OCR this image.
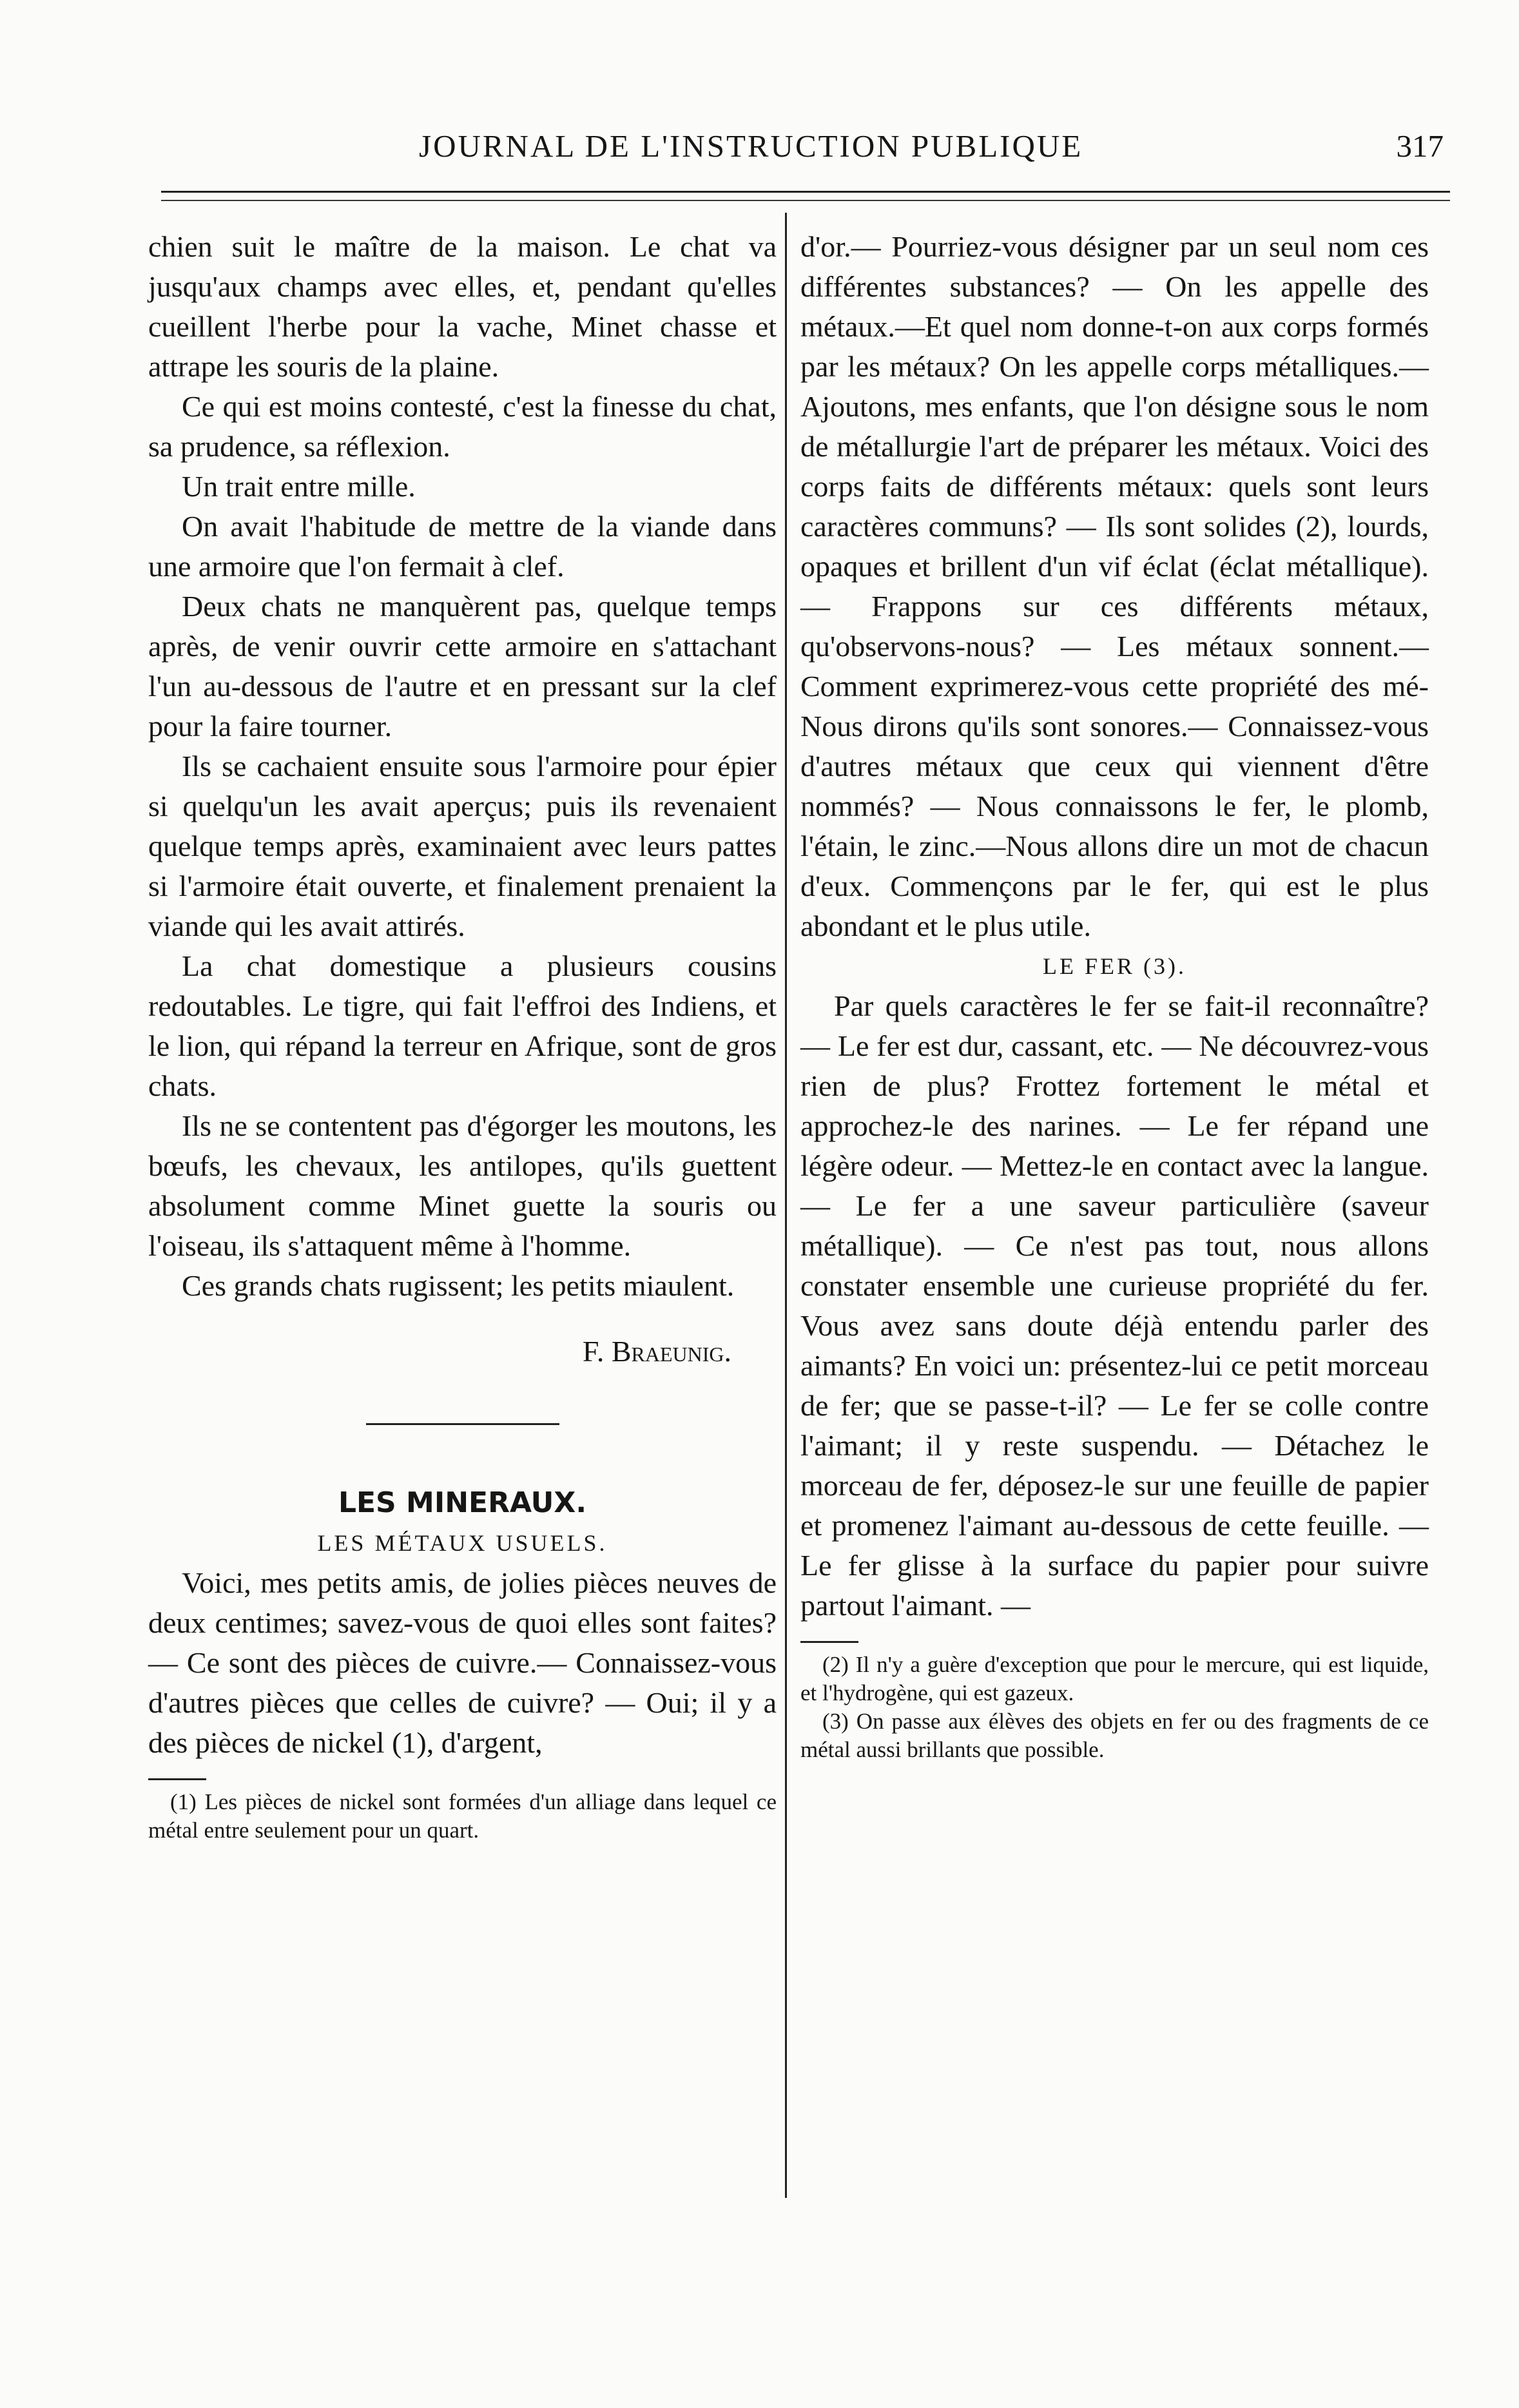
JOURNAL DE L'INSTRUCTION PUBLIQUE	317

chien suit le maître de la maison. Le chat va jusqu'aux champs avec elles, et, pendant qu'elles cueillent l'herbe pour la vache, Minet chasse et attrape les souris de la plaine.

Ce qui est moins contesté, c'est la finesse du chat, sa prudence, sa réflexion.

Un trait entre mille.

On avait l'habitude de mettre de la viande dans une armoire que l'on fermait à clef.

Deux chats ne manquèrent pas, quelque temps après, de venir ouvrir cette armoire en s'attachant l'un au-dessous de l'autre et en pressant sur la clef pour la faire tourner.

Ils se cachaient ensuite sous l'armoire pour épier si quelqu'un les avait aperçus; puis ils revenaient quelque temps après, examinaient avec leurs pattes si l'armoire était ouverte, et finalement prenaient la viande qui les avait attirés.

La chat domestique a plusieurs cousins redoutables. Le tigre, qui fait l'effroi des Indiens, et le lion, qui répand la terreur en Afrique, sont de gros chats.

Ils ne se contentent pas d'égorger les moutons, les bœufs, les chevaux, les antilopes, qu'ils guettent absolument comme Minet guette la souris ou l'oiseau, ils s'attaquent même à l'homme.

Ces grands chats rugissent; les petits miaulent.

F. Braeunig.

LES MINERAUX.

LES MÉTAUX USUELS.

Voici, mes petits amis, de jolies pièces neuves de deux centimes; savez-vous de quoi elles sont faites? — Ce sont des pièces de cuivre.— Connaissez-vous d'autres pièces que celles de cuivre? — Oui; il y a des pièces de nickel (1), d'argent,

(1) Les pièces de nickel sont formées d'un alliage dans lequel ce métal entre seulement pour un quart.

d'or.— Pourriez-vous désigner par un seul nom ces différentes substances? — On les appelle des métaux.—Et quel nom donne-t-on aux corps formés par les métaux? On les appelle corps métalliques.— Ajoutons, mes enfants, que l'on désigne sous le nom de métallurgie l'art de préparer les métaux. Voici des corps faits de différents métaux: quels sont leurs caractères communs? — Ils sont solides (2), lourds, opaques et brillent d'un vif éclat (éclat métallique).— Frappons sur ces différents métaux, qu'observons-nous? — Les métaux sonnent.— Comment exprimerez-vous cette propriété des mé- Nous dirons qu'ils sont sonores.— Connaissez-vous d'autres métaux que ceux qui viennent d'être nommés? — Nous connaissons le fer, le plomb, l'étain, le zinc.—Nous allons dire un mot de chacun d'eux. Commençons par le fer, qui est le plus abondant et le plus utile.

LE FER (3).

Par quels caractères le fer se fait-il reconnaître? — Le fer est dur, cassant, etc. — Ne découvrez-vous rien de plus? Frottez fortement le métal et approchez-le des narines. — Le fer répand une légère odeur. — Mettez-le en contact avec la langue. — Le fer a une saveur particulière (saveur métallique). — Ce n'est pas tout, nous allons constater ensemble une curieuse propriété du fer. Vous avez sans doute déjà entendu parler des aimants? En voici un: présentez-lui ce petit morceau de fer; que se passe-t-il? — Le fer se colle contre l'aimant; il y reste suspendu. — Détachez le morceau de fer, déposez-le sur une feuille de papier et promenez l'aimant au-dessous de cette feuille. — Le fer glisse à la surface du papier pour suivre partout l'aimant. —

(2) Il n'y a guère d'exception que pour le mercure, qui est liquide, et l'hydrogène, qui est gazeux.

(3) On passe aux élèves des objets en fer ou des fragments de ce métal aussi brillants que possible.
